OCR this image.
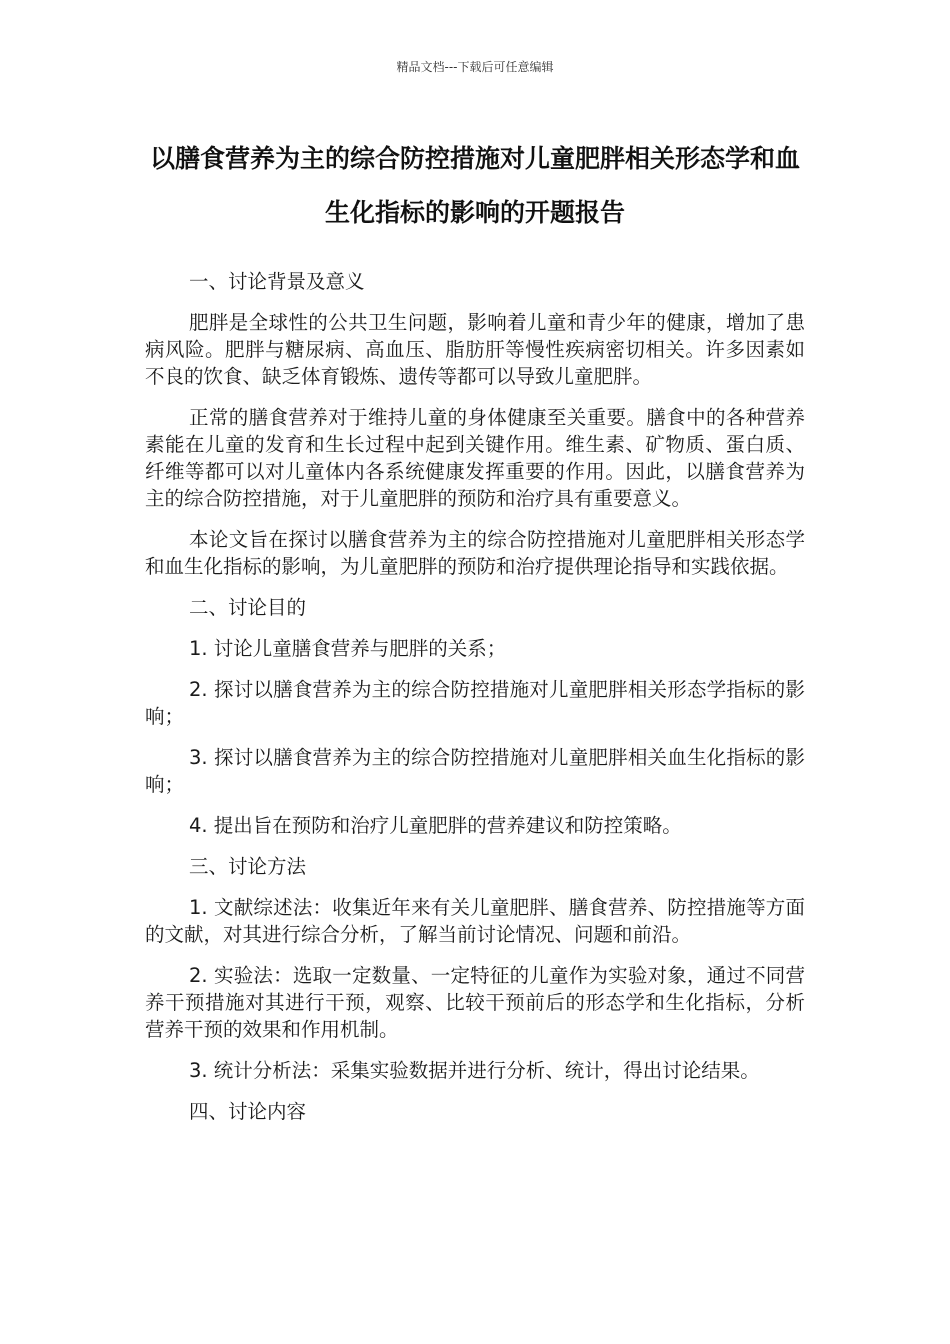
精品文档---下载后可任意编辑
以膳食营养为主的综合防控措施对儿童肥胖相关形态学和血生化指标的影响的开题报告

一、讨论背景及意义

肥胖是全球性的公共卫生问题，影响着儿童和青少年的健康，增加了患病风险。肥胖与糖尿病、高血压、脂肪肝等慢性疾病密切相关。许多因素如不良的饮食、缺乏体育锻炼、遗传等都可以导致儿童肥胖。

正常的膳食营养对于维持儿童的身体健康至关重要。膳食中的各种营养素能在儿童的发育和生长过程中起到关键作用。维生素、矿物质、蛋白质、纤维等都可以对儿童体内各系统健康发挥重要的作用。因此，以膳食营养为主的综合防控措施，对于儿童肥胖的预防和治疗具有重要意义。

本论文旨在探讨以膳食营养为主的综合防控措施对儿童肥胖相关形态学和血生化指标的影响，为儿童肥胖的预防和治疗提供理论指导和实践依据。

二、讨论目的

1. 讨论儿童膳食营养与肥胖的关系；

2. 探讨以膳食营养为主的综合防控措施对儿童肥胖相关形态学指标的影响；

3. 探讨以膳食营养为主的综合防控措施对儿童肥胖相关血生化指标的影响；

4. 提出旨在预防和治疗儿童肥胖的营养建议和防控策略。

三、讨论方法

1. 文献综述法：收集近年来有关儿童肥胖、膳食营养、防控措施等方面的文献，对其进行综合分析，了解当前讨论情况、问题和前沿。

2. 实验法：选取一定数量、一定特征的儿童作为实验对象，通过不同营养干预措施对其进行干预，观察、比较干预前后的形态学和生化指标，分析营养干预的效果和作用机制。

3. 统计分析法：采集实验数据并进行分析、统计，得出讨论结果。

四、讨论内容
